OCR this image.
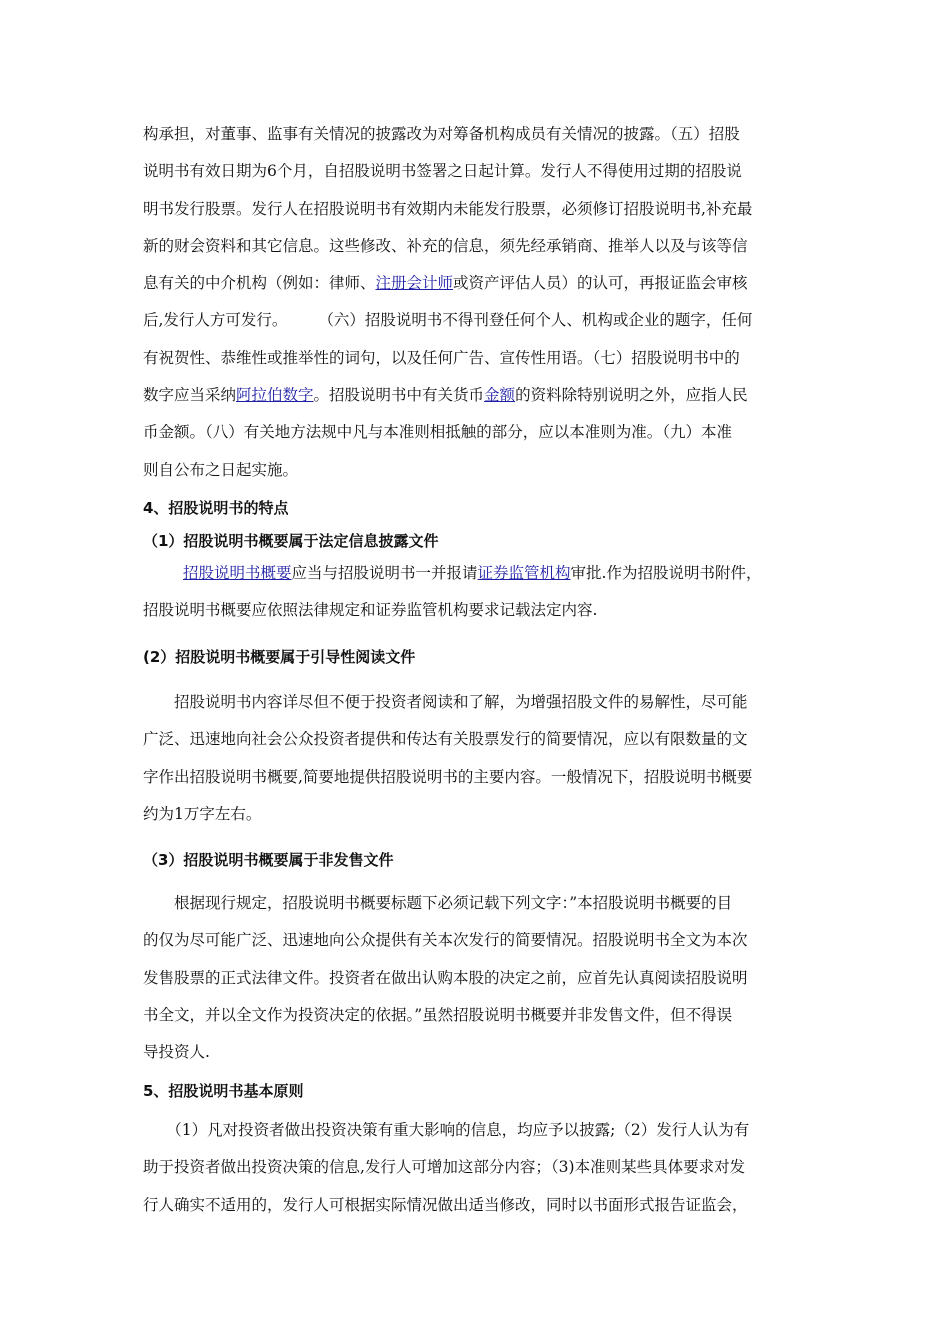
构承担，对董事、监事有关情况的披露改为对筹备机构成员有关情况的披露。（五）招股
说明书有效日期为6个月，自招股说明书签署之日起计算。发行人不得使用过期的招股说
明书发行股票。发行人在招股说明书有效期内未能发行股票，必须修订招股说明书,补充最
新的财会资料和其它信息。这些修改、补充的信息，须先经承销商、推举人以及与该等信
息有关的中介机构（例如：律师、注册会计师或资产评估人员）的认可，再报证监会审核
后,发行人方可发行。　　　（六）招股说明书不得刊登任何个人、机构或企业的题字，任何
有祝贺性、恭维性或推举性的词句，以及任何广告、宣传性用语。（七）招股说明书中的
数字应当采纳阿拉伯数字。招股说明书中有关货币金额的资料除特别说明之外，应指人民
币金额。（八）有关地方法规中凡与本准则相抵触的部分，应以本准则为准。（九）本准
则自公布之日起实施。
4、招股说明书的特点
（1）招股说明书概要属于法定信息披露文件
招股说明书概要应当与招股说明书一并报请证券监管机构审批.作为招股说明书附件，
招股说明书概要应依照法律规定和证券监管机构要求记载法定内容.
(2）招股说明书概要属于引导性阅读文件
　　招股说明书内容详尽但不便于投资者阅读和了解，为增强招股文件的易解性，尽可能
广泛、迅速地向社会公众投资者提供和传达有关股票发行的简要情况，应以有限数量的文
字作出招股说明书概要,简要地提供招股说明书的主要内容。一般情况下，招股说明书概要
约为1万字左右。
（3）招股说明书概要属于非发售文件
　　根据现行规定，招股说明书概要标题下必须记载下列文字：”本招股说明书概要的目
的仅为尽可能广泛、迅速地向公众提供有关本次发行的简要情况。招股说明书全文为本次
发售股票的正式法律文件。投资者在做出认购本股的决定之前，应首先认真阅读招股说明
书全文，并以全文作为投资决定的依据。”虽然招股说明书概要并非发售文件，但不得误
导投资人.
5、招股说明书基本原则
　　（1）凡对投资者做出投资决策有重大影响的信息，均应予以披露;（2）发行人认为有
助于投资者做出投资决策的信息,发行人可增加这部分内容；（3)本准则某些具体要求对发
行人确实不适用的，发行人可根据实际情况做出适当修改，同时以书面形式报告证监会，
